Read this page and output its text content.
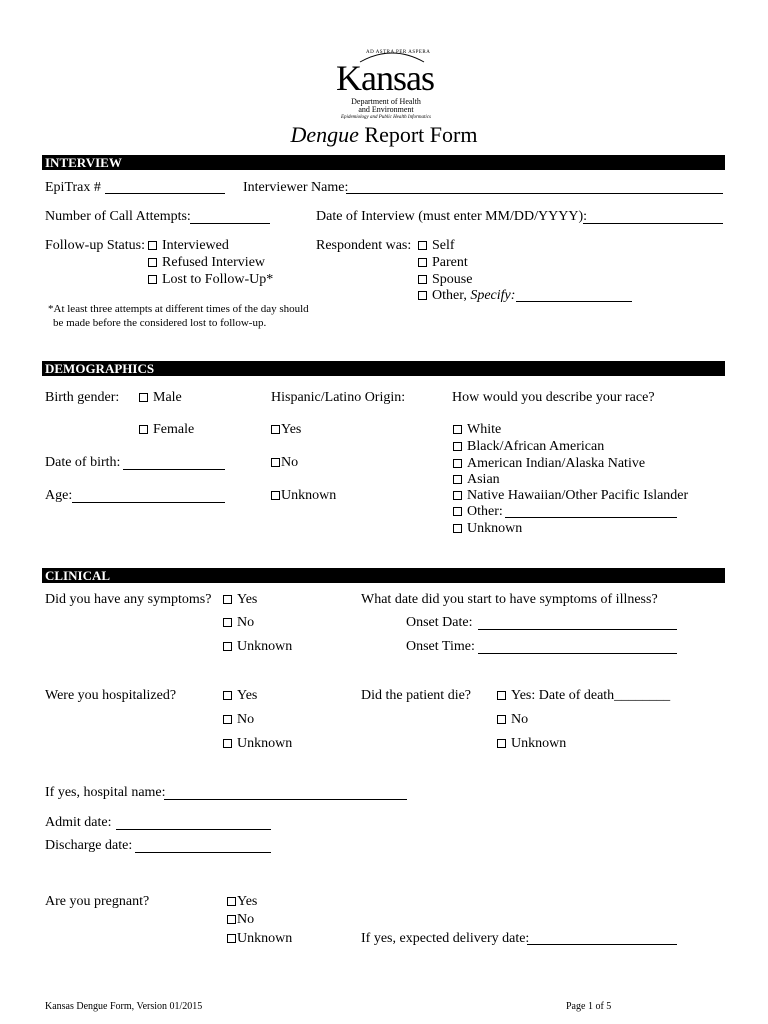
AD ASTRA PER ASPERA
Kansas
Department of Health
and Environment
Epidemiology and Public Health Informatics
Dengue Report Form
INTERVIEW
EpiTrax #	Interviewer Name:
Number of Call Attempts:	Date of Interview (must enter MM/DD/YYYY):
Follow-up Status:	Interviewed
Refused Interview
Lost to Follow-Up*
Respondent was:	Self
Parent
Spouse
Other, Specify:
*At least three attempts at different times of the day should
be made before the considered lost to follow-up.
DEMOGRAPHICS
Birth gender:	Male
Female
Hispanic/Latino Origin:
Yes
No
Unknown
How would you describe your race?
White
Black/African American
American Indian/Alaska Native
Asian
Native Hawaiian/Other Pacific Islander
Other:
Unknown
Date of birth:
Age:
CLINICAL
Did you have any symptoms?	Yes
No
Unknown
What date did you start to have symptoms of illness?
Onset Date:
Onset Time:
Were you hospitalized?	Yes
No
Unknown
Did the patient die?	Yes: Date of death________
No
Unknown
If yes, hospital name:
Admit date:
Discharge date:
Are you pregnant?	Yes
No
Unknown	If yes, expected delivery date:
Kansas Dengue Form, Version 01/2015	Page 1 of 5
